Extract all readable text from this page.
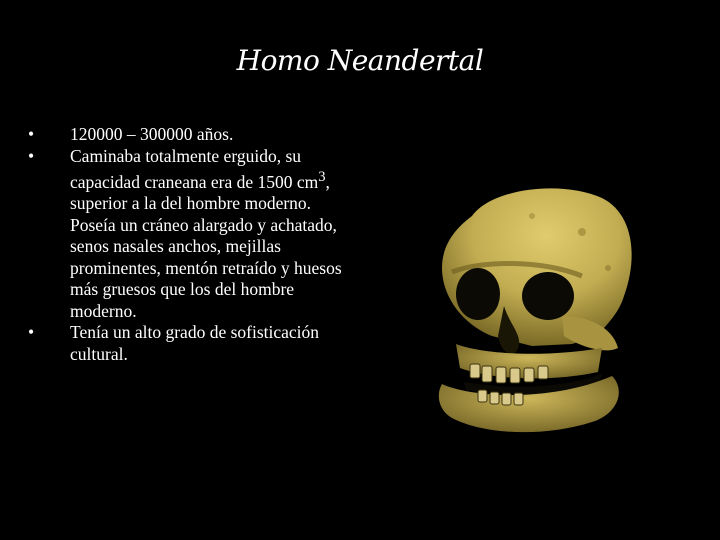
Homo Neandertal
•	120000 – 300000 años.
•	Caminaba totalmente erguido, su capacidad craneana era de 1500 $cm^3$, superior a la del hombre moderno. Poseía un cráneo alargado y achatado, senos nasales anchos, mejillas prominentes, mentón retraído y huesos más gruesos que los del hombre moderno.
•	Tenía un alto grado de sofisticación cultural.
